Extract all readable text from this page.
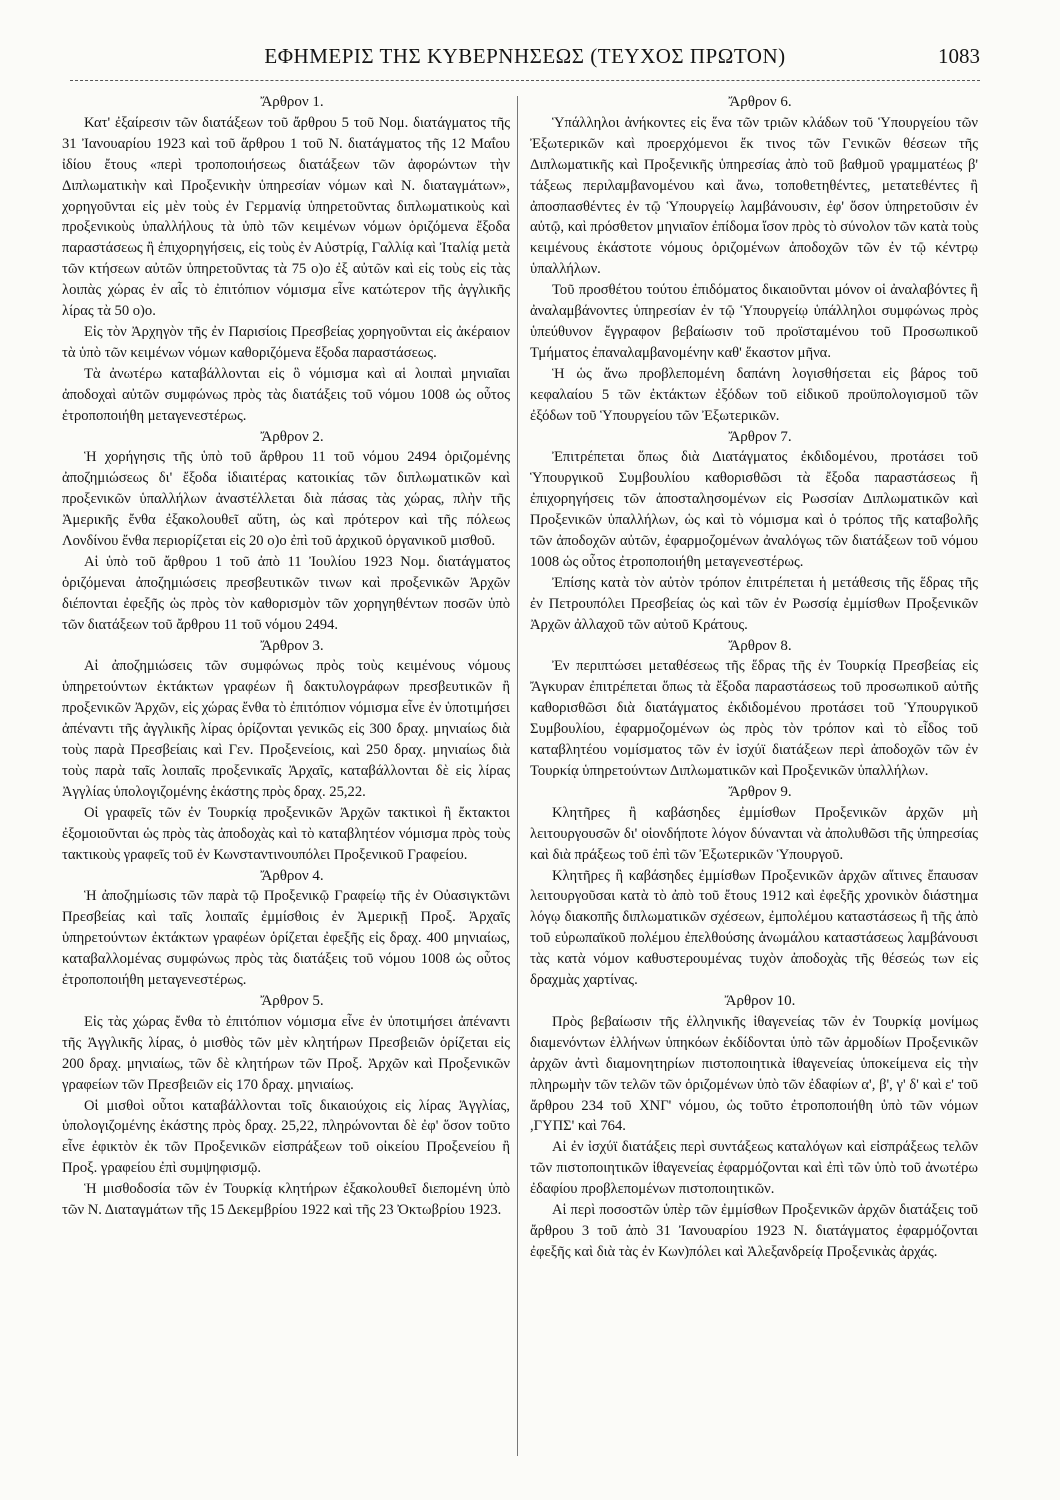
ΕΦΗΜΕΡΙΣ ΤΗΣ ΚΥΒΕΡΝΗΣΕΩΣ (ΤΕΥΧΟΣ ΠΡΩΤΟΝ)	1083

Ἄρθρον 1.

Κατ' ἐξαίρεσιν τῶν διατάξεων τοῦ ἄρθρου 5 τοῦ Νομ. διατάγματος τῆς 31 Ἰανουαρίου 1923 καὶ τοῦ ἄρθρου 1 τοῦ Ν. διατάγματος τῆς 12 Μαΐου ἰδίου ἔτους «περὶ τροποποιήσεως διατάξεων τῶν ἀφορώντων τὴν Διπλωματικὴν καὶ Προξενικὴν ὑπηρεσίαν νόμων καὶ Ν. διαταγμάτων», χορηγοῦνται εἰς μὲν τοὺς ἐν Γερμανίᾳ ὑπηρετοῦντας διπλωματικοὺς καὶ προξενικοὺς ὑπαλλήλους τὰ ὑπὸ τῶν κειμένων νόμων ὁριζόμενα ἔξοδα παραστάσεως ἢ ἐπιχορηγήσεις, εἰς τοὺς ἐν Αὐστρίᾳ, Γαλλίᾳ καὶ Ἰταλίᾳ μετὰ τῶν κτήσεων αὐτῶν ὑπηρετοῦντας τὰ 75 ο)ο ἐξ αὐτῶν καὶ εἰς τοὺς εἰς τὰς λοιπὰς χώρας ἐν αἷς τὸ ἐπιτόπιον νόμισμα εἶνε κατώτερον τῆς ἀγγλικῆς λίρας τὰ 50 ο)ο.

Εἰς τὸν Ἀρχηγὸν τῆς ἐν Παρισίοις Πρεσβείας χορηγοῦνται εἰς ἀκέραιον τὰ ὑπὸ τῶν κειμένων νόμων καθοριζόμενα ἔξοδα παραστάσεως.

Τὰ ἀνωτέρω καταβάλλονται εἰς ὃ νόμισμα καὶ αἱ λοιπαὶ μηνιαῖαι ἀποδοχαὶ αὐτῶν συμφώνως πρὸς τὰς διατάξεις τοῦ νόμου 1008 ὡς οὗτος ἐτροποποιήθη μεταγενεστέρως.

Ἄρθρον 2.

Ἡ χορήγησις τῆς ὑπὸ τοῦ ἄρθρου 11 τοῦ νόμου 2494 ὁριζομένης ἀποζημιώσεως δι' ἔξοδα ἰδιαιτέρας κατοικίας τῶν διπλωματικῶν καὶ προξενικῶν ὑπαλλήλων ἀναστέλλεται διὰ πάσας τὰς χώρας, πλὴν τῆς Ἀμερικῆς ἔνθα ἐξακολουθεῖ αὕτη, ὡς καὶ πρότερον καὶ τῆς πόλεως Λονδίνου ἔνθα περιορίζεται εἰς 20 ο)ο ἐπὶ τοῦ ἀρχικοῦ ὀργανικοῦ μισθοῦ.

Αἱ ὑπὸ τοῦ ἄρθρου 1 τοῦ ἀπὸ 11 Ἰουλίου 1923 Νομ. διατάγματος ὁριζόμεναι ἀποζημιώσεις πρεσβευτικῶν τινων καὶ προξενικῶν Ἀρχῶν διέπονται ἐφεξῆς ὡς πρὸς τὸν καθορισμὸν τῶν χορηγηθέντων ποσῶν ὑπὸ τῶν διατάξεων τοῦ ἄρθρου 11 τοῦ νόμου 2494.

Ἄρθρον 3.

Αἱ ἀποζημιώσεις τῶν συμφώνως πρὸς τοὺς κειμένους νόμους ὑπηρετούντων ἐκτάκτων γραφέων ἢ δακτυλογράφων πρεσβευτικῶν ἢ προξενικῶν Ἀρχῶν, εἰς χώρας ἔνθα τὸ ἐπιτόπιον νόμισμα εἶνε ἐν ὑποτιμήσει ἀπέναντι τῆς ἀγγλικῆς λίρας ὁρίζονται γενικῶς εἰς 300 δραχ. μηνιαίως διὰ τοὺς παρὰ Πρεσβείαις καὶ Γεν. Προξενείοις, καὶ 250 δραχ. μηνιαίως διὰ τοὺς παρὰ ταῖς λοιπαῖς προξενικαῖς Ἀρχαῖς, καταβάλλονται δὲ εἰς λίρας Ἀγγλίας ὑπολογιζομένης ἑκάστης πρὸς δραχ. 25,22.

Οἱ γραφεῖς τῶν ἐν Τουρκίᾳ προξενικῶν Ἀρχῶν τακτικοὶ ἢ ἔκτακτοι ἐξομοιοῦνται ὡς πρὸς τὰς ἀποδοχὰς καὶ τὸ καταβλητέον νόμισμα πρὸς τοὺς τακτικοὺς γραφεῖς τοῦ ἐν Κωνσταντινουπόλει Προξενικοῦ Γραφείου.

Ἄρθρον 4.

Ἡ ἀποζημίωσις τῶν παρὰ τῷ Προξενικῷ Γραφείῳ τῆς ἐν Οὐασιγκτῶνι Πρεσβείας καὶ ταῖς λοιπαῖς ἐμμίσθοις ἐν Ἀμερικῇ Προξ. Ἀρχαῖς ὑπηρετούντων ἐκτάκτων γραφέων ὁρίζεται ἐφεξῆς εἰς δραχ. 400 μηνιαίως, καταβαλλομένας συμφώνως πρὸς τὰς διατάξεις τοῦ νόμου 1008 ὡς οὗτος ἐτροποποιήθη μεταγενεστέρως.

Ἄρθρον 5.

Εἰς τὰς χώρας ἔνθα τὸ ἐπιτόπιον νόμισμα εἶνε ἐν ὑποτιμήσει ἀπέναντι τῆς Ἀγγλικῆς λίρας, ὁ μισθὸς τῶν μὲν κλητήρων Πρεσβειῶν ὁρίζεται εἰς 200 δραχ. μηνιαίως, τῶν δὲ κλητήρων τῶν Προξ. Ἀρχῶν καὶ Προξενικῶν γραφείων τῶν Πρεσβειῶν εἰς 170 δραχ. μηνιαίως.

Οἱ μισθοὶ οὗτοι καταβάλλονται τοῖς δικαιούχοις εἰς λίρας Ἀγγλίας, ὑπολογιζομένης ἑκάστης πρὸς δραχ. 25,22, πληρώνονται δὲ ἐφ' ὅσον τοῦτο εἶνε ἐφικτὸν ἐκ τῶν Προξενικῶν εἰσπράξεων τοῦ οἰκείου Προξενείου ἢ Προξ. γραφείου ἐπὶ συμψηφισμῷ.

Ἡ μισθοδοσία τῶν ἐν Τουρκίᾳ κλητήρων ἐξακολουθεῖ διεπομένη ὑπὸ τῶν Ν. Διαταγμάτων τῆς 15 Δεκεμβρίου 1922 καὶ τῆς 23 Ὀκτωβρίου 1923.

Ἄρθρον 6.

Ὑπάλληλοι ἀνήκοντες εἰς ἕνα τῶν τριῶν κλάδων τοῦ Ὑπουργείου τῶν Ἐξωτερικῶν καὶ προερχόμενοι ἔκ τινος τῶν Γενικῶν θέσεων τῆς Διπλωματικῆς καὶ Προξενικῆς ὑπηρεσίας ἀπὸ τοῦ βαθμοῦ γραμματέως β' τάξεως περιλαμβανομένου καὶ ἄνω, τοποθετηθέντες, μετατεθέντες ἢ ἀποσπασθέντες ἐν τῷ Ὑπουργείῳ λαμβάνουσιν, ἐφ' ὅσον ὑπηρετοῦσιν ἐν αὐτῷ, καὶ πρόσθετον μηνιαῖον ἐπίδομα ἴσον πρὸς τὸ σύνολον τῶν κατὰ τοὺς κειμένους ἑκάστοτε νόμους ὁριζομένων ἀποδοχῶν τῶν ἐν τῷ κέντρῳ ὑπαλλήλων.

Τοῦ προσθέτου τούτου ἐπιδόματος δικαιοῦνται μόνον οἱ ἀναλαβόντες ἢ ἀναλαμβάνοντες ὑπηρεσίαν ἐν τῷ Ὑπουργείῳ ὑπάλληλοι συμφώνως πρὸς ὑπεύθυνον ἔγγραφον βεβαίωσιν τοῦ προϊσταμένου τοῦ Προσωπικοῦ Τμήματος ἐπαναλαμβανομένην καθ' ἕκαστον μῆνα.

Ἡ ὡς ἄνω προβλεπομένη δαπάνη λογισθήσεται εἰς βάρος τοῦ κεφαλαίου 5 τῶν ἐκτάκτων ἐξόδων τοῦ εἰδικοῦ προϋπολογισμοῦ τῶν ἐξόδων τοῦ Ὑπουργείου τῶν Ἐξωτερικῶν.

Ἄρθρον 7.

Ἐπιτρέπεται ὅπως διὰ Διατάγματος ἐκδιδομένου, προτάσει τοῦ Ὑπουργικοῦ Συμβουλίου καθορισθῶσι τὰ ἔξοδα παραστάσεως ἢ ἐπιχορηγήσεις τῶν ἀποσταλησομένων εἰς Ρωσσίαν Διπλωματικῶν καὶ Προξενικῶν ὑπαλλήλων, ὡς καὶ τὸ νόμισμα καὶ ὁ τρόπος τῆς καταβολῆς τῶν ἀποδοχῶν αὐτῶν, ἐφαρμοζομένων ἀναλόγως τῶν διατάξεων τοῦ νόμου 1008 ὡς οὗτος ἐτροποποιήθη μεταγενεστέρως.

Ἐπίσης κατὰ τὸν αὐτὸν τρόπον ἐπιτρέπεται ἡ μετάθεσις τῆς ἕδρας τῆς ἐν Πετρουπόλει Πρεσβείας ὡς καὶ τῶν ἐν Ρωσσίᾳ ἐμμίσθων Προξενικῶν Ἀρχῶν ἀλλαχοῦ τῶν αὐτοῦ Κράτους.

Ἄρθρον 8.

Ἐν περιπτώσει μεταθέσεως τῆς ἕδρας τῆς ἐν Τουρκίᾳ Πρεσβείας εἰς Ἄγκυραν ἐπιτρέπεται ὅπως τὰ ἔξοδα παραστάσεως τοῦ προσωπικοῦ αὐτῆς καθορισθῶσι διὰ διατάγματος ἐκδιδομένου προτάσει τοῦ Ὑπουργικοῦ Συμβουλίου, ἐφαρμοζομένων ὡς πρὸς τὸν τρόπον καὶ τὸ εἶδος τοῦ καταβλητέου νομίσματος τῶν ἐν ἰσχύϊ διατάξεων περὶ ἀποδοχῶν τῶν ἐν Τουρκίᾳ ὑπηρετούντων Διπλωματικῶν καὶ Προξενικῶν ὑπαλλήλων.

Ἄρθρον 9.

Κλητῆρες ἢ καβάσηδες ἐμμίσθων Προξενικῶν ἀρχῶν μὴ λειτουργουσῶν δι' οἱονδήποτε λόγον δύνανται νὰ ἀπολυθῶσι τῆς ὑπηρεσίας καὶ διὰ πράξεως τοῦ ἐπὶ τῶν Ἐξωτερικῶν Ὑπουργοῦ.

Κλητῆρες ἢ καβάσηδες ἐμμίσθων Προξενικῶν ἀρχῶν αἵτινες ἔπαυσαν λειτουργοῦσαι κατὰ τὸ ἀπὸ τοῦ ἔτους 1912 καὶ ἐφεξῆς χρονικὸν διάστημα λόγῳ διακοπῆς διπλωματικῶν σχέσεων, ἐμπολέμου καταστάσεως ἢ τῆς ἀπὸ τοῦ εὐρωπαϊκοῦ πολέμου ἐπελθούσης ἀνωμάλου καταστάσεως λαμβάνουσι τὰς κατὰ νόμον καθυστερουμένας τυχὸν ἀποδοχὰς τῆς θέσεώς των εἰς δραχμὰς χαρτίνας.

Ἄρθρον 10.

Πρὸς βεβαίωσιν τῆς ἑλληνικῆς ἰθαγενείας τῶν ἐν Τουρκίᾳ μονίμως διαμενόντων ἑλλήνων ὑπηκόων ἐκδίδονται ὑπὸ τῶν ἀρμοδίων Προξενικῶν ἀρχῶν ἀντὶ διαμονητηρίων πιστοποιητικὰ ἰθαγενείας ὑποκείμενα εἰς τὴν πληρωμὴν τῶν τελῶν τῶν ὁριζομένων ὑπὸ τῶν ἐδαφίων α', β', γ' δ' καὶ ε' τοῦ ἄρθρου 234 τοῦ ΧΝΓ' νόμου, ὡς τοῦτο ἐτροποποιήθη ὑπὸ τῶν νόμων ,ΓΥΠΣ' καὶ 764.

Αἱ ἐν ἰσχύϊ διατάξεις περὶ συντάξεως καταλόγων καὶ εἰσπράξεως τελῶν τῶν πιστοποιητικῶν ἰθαγενείας ἐφαρμόζονται καὶ ἐπὶ τῶν ὑπὸ τοῦ ἀνωτέρω ἐδαφίου προβλεπομένων πιστοποιητικῶν.

Αἱ περὶ ποσοστῶν ὑπὲρ τῶν ἐμμίσθων Προξενικῶν ἀρχῶν διατάξεις τοῦ ἄρθρου 3 τοῦ ἀπὸ 31 Ἰανουαρίου 1923 Ν. διατάγματος ἐφαρμόζονται ἐφεξῆς καὶ διὰ τὰς ἐν Κων)πόλει καὶ Ἀλεξανδρείᾳ Προξενικὰς ἀρχάς.
